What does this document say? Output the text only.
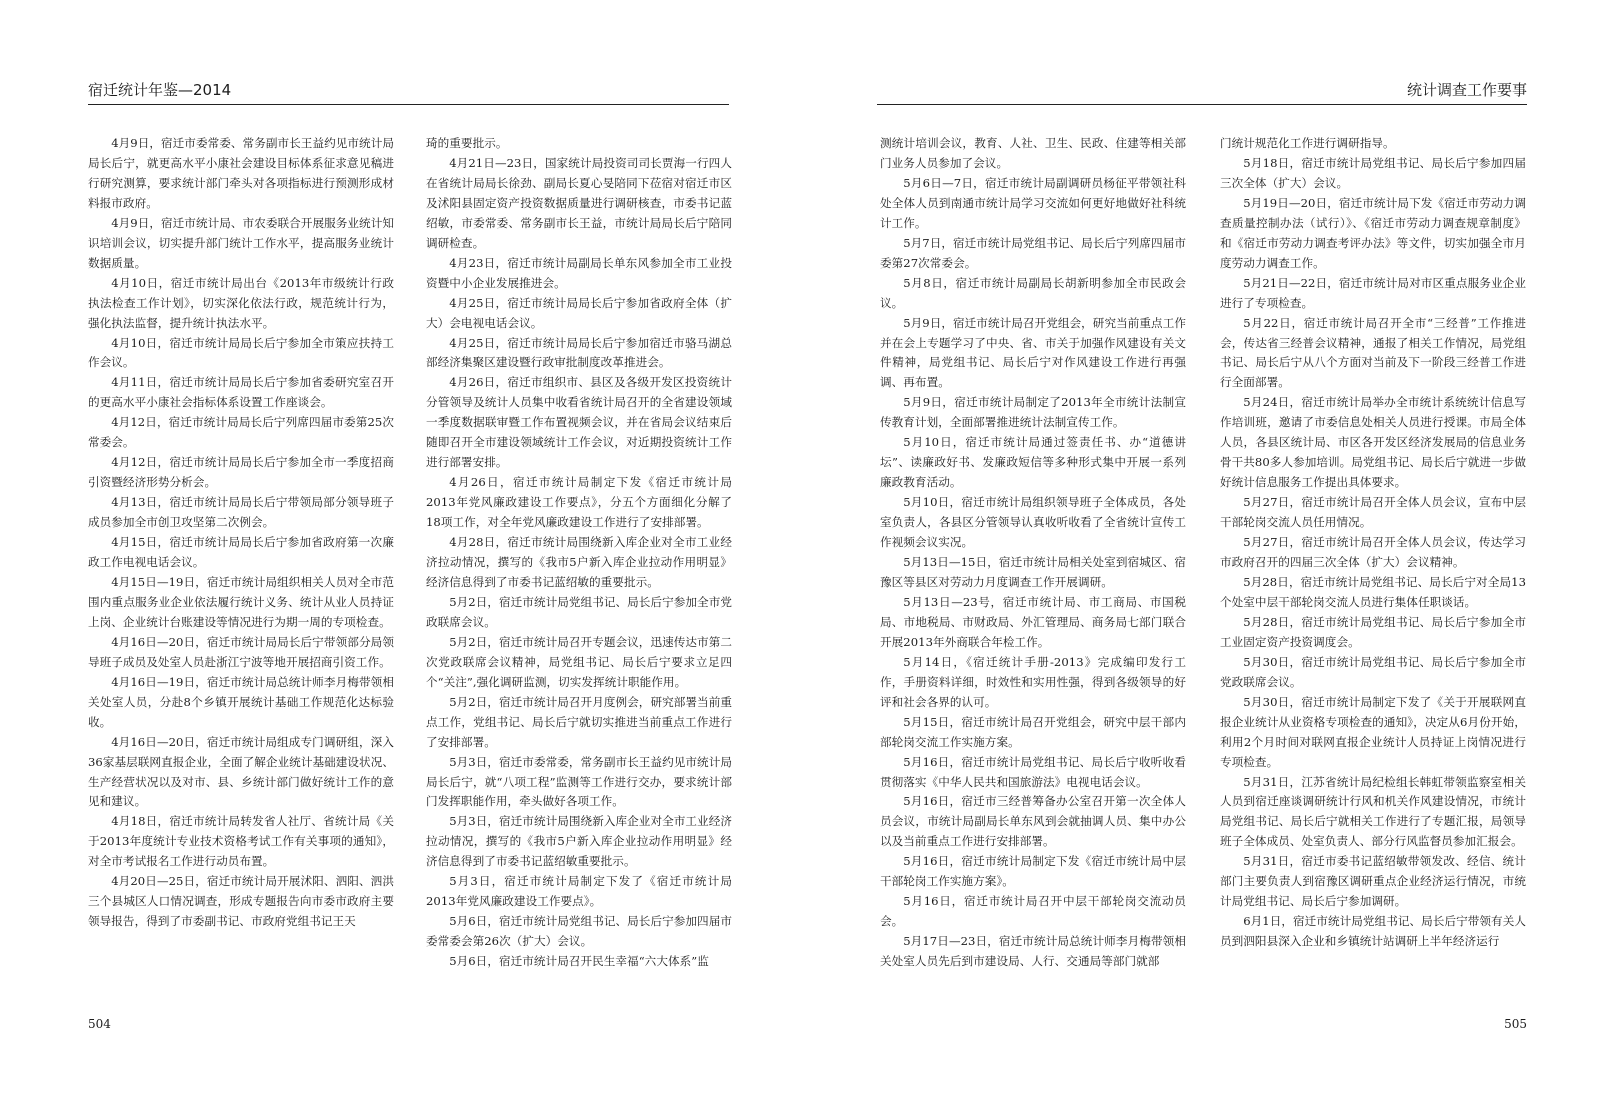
宿迁统计年鉴—2014

4月9日，宿迁市委常委、常务副市长王益约见市统计局局长后宁，就更高水平小康社会建设目标体系征求意见稿进行研究测算，要求统计部门牵头对各项指标进行预测形成材料报市政府。

4月9日，宿迁市统计局、市农委联合开展服务业统计知识培训会议，切实提升部门统计工作水平，提高服务业统计数据质量。

4月10日，宿迁市统计局出台《2013年市级统计行政执法检查工作计划》，切实深化依法行政，规范统计行为，强化执法监督，提升统计执法水平。

4月10日，宿迁市统计局局长后宁参加全市策应扶持工作会议。

4月11日，宿迁市统计局局长后宁参加省委研究室召开的更高水平小康社会指标体系设置工作座谈会。

4月12日，宿迁市统计局局长后宁列席四届市委第25次常委会。

4月12日，宿迁市统计局局长后宁参加全市一季度招商引资暨经济形势分析会。

4月13日，宿迁市统计局局长后宁带领局部分领导班子成员参加全市创卫攻坚第二次例会。

4月15日，宿迁市统计局局长后宁参加省政府第一次廉政工作电视电话会议。

4月15日—19日，宿迁市统计局组织相关人员对全市范围内重点服务业企业依法履行统计义务、统计从业人员持证上岗、企业统计台账建设等情况进行为期一周的专项检查。

4月16日—20日，宿迁市统计局局长后宁带领部分局领导班子成员及处室人员赴浙江宁波等地开展招商引资工作。

4月16日—19日，宿迁市统计局总统计师李月梅带领相关处室人员，分赴8个乡镇开展统计基础工作规范化达标验收。

4月16日—20日，宿迁市统计局组成专门调研组，深入36家基层联网直报企业，全面了解企业统计基础建设状况、生产经营状况以及对市、县、乡统计部门做好统计工作的意见和建议。

4月18日，宿迁市统计局转发省人社厅、省统计局《关于2013年度统计专业技术资格考试工作有关事项的通知》，对全市考试报名工作进行动员布置。

4月20日—25日，宿迁市统计局开展沭阳、泗阳、泗洪三个县城区人口情况调查，形成专题报告向市委市政府主要领导报告，得到了市委副书记、市政府党组书记王天

琦的重要批示。

4月21日—23日，国家统计局投资司司长贾海一行四人在省统计局局长徐劲、副局长夏心旻陪同下莅宿对宿迁市区及沭阳县固定资产投资数据质量进行调研核查，市委书记蓝绍敏，市委常委、常务副市长王益，市统计局局长后宁陪同调研检查。

4月23日，宿迁市统计局副局长单东风参加全市工业投资暨中小企业发展推进会。

4月25日，宿迁市统计局局长后宁参加省政府全体（扩大）会电视电话会议。

4月25日，宿迁市统计局局长后宁参加宿迁市骆马湖总部经济集聚区建设暨行政审批制度改革推进会。

4月26日，宿迁市组织市、县区及各级开发区投资统计分管领导及统计人员集中收看省统计局召开的全省建设领域一季度数据联审暨工作布置视频会议，并在省局会议结束后随即召开全市建设领域统计工作会议，对近期投资统计工作进行部署安排。

4月26日，宿迁市统计局制定下发《宿迁市统计局2013年党风廉政建设工作要点》，分五个方面细化分解了18项工作，对全年党风廉政建设工作进行了安排部署。

4月28日，宿迁市统计局围绕新入库企业对全市工业经济拉动情况，撰写的《我市5户新入库企业拉动作用明显》经济信息得到了市委书记蓝绍敏的重要批示。

5月2日，宿迁市统计局党组书记、局长后宁参加全市党政联席会议。

5月2日，宿迁市统计局召开专题会议，迅速传达市第二次党政联席会议精神，局党组书记、局长后宁要求立足四个“关注”,强化调研监测，切实发挥统计职能作用。

5月2日，宿迁市统计局召开月度例会，研究部署当前重点工作，党组书记、局长后宁就切实推进当前重点工作进行了安排部署。

5月3日，宿迁市委常委，常务副市长王益约见市统计局局长后宁，就“八项工程”监测等工作进行交办，要求统计部门发挥职能作用，牵头做好各项工作。

5月3日，宿迁市统计局围绕新入库企业对全市工业经济拉动情况，撰写的《我市5户新入库企业拉动作用明显》经济信息得到了市委书记蓝绍敏重要批示。

5月3日，宿迁市统计局制定下发了《宿迁市统计局2013年党风廉政建设工作要点》。

5月6日，宿迁市统计局党组书记、局长后宁参加四届市委常委会第26次（扩大）会议。

5月6日，宿迁市统计局召开民生幸福“六大体系”监

504
统计调查工作要事

测统计培训会议，教育、人社、卫生、民政、住建等相关部门业务人员参加了会议。

5月6日—7日，宿迁市统计局副调研员杨征平带领社科处全体人员到南通市统计局学习交流如何更好地做好社科统计工作。

5月7日，宿迁市统计局党组书记、局长后宁列席四届市委第27次常委会。

5月8日，宿迁市统计局副局长胡新明参加全市民政会议。

5月9日，宿迁市统计局召开党组会，研究当前重点工作并在会上专题学习了中央、省、市关于加强作风建设有关文件精神，局党组书记、局长后宁对作风建设工作进行再强调、再布置。

5月9日，宿迁市统计局制定了2013年全市统计法制宣传教育计划，全面部署推进统计法制宣传工作。

5月10日，宿迁市统计局通过签责任书、办“道德讲坛”、读廉政好书、发廉政短信等多种形式集中开展一系列廉政教育活动。

5月10日，宿迁市统计局组织领导班子全体成员，各处室负责人，各县区分管领导认真收听收看了全省统计宣传工作视频会议实况。

5月13日—15日，宿迁市统计局相关处室到宿城区、宿豫区等县区对劳动力月度调查工作开展调研。

5月13日—23号，宿迁市统计局、市工商局、市国税局、市地税局、市财政局、外汇管理局、商务局七部门联合开展2013年外商联合年检工作。

5月14日，《宿迁统计手册-2013》完成编印发行工作，手册资料详细，时效性和实用性强，得到各级领导的好评和社会各界的认可。

5月15日，宿迁市统计局召开党组会，研究中层干部内部轮岗交流工作实施方案。

5月16日，宿迁市统计局党组书记、局长后宁收听收看贯彻落实《中华人民共和国旅游法》电视电话会议。

5月16日，宿迁市三经普筹备办公室召开第一次全体人员会议，市统计局副局长单东风到会就抽调人员、集中办公以及当前重点工作进行安排部署。

5月16日，宿迁市统计局制定下发《宿迁市统计局中层干部轮岗工作实施方案》。

5月16日，宿迁市统计局召开中层干部轮岗交流动员会。

5月17日—23日，宿迁市统计局总统计师李月梅带领相关处室人员先后到市建设局、人行、交通局等部门就部

门统计规范化工作进行调研指导。

5月18日，宿迁市统计局党组书记、局长后宁参加四届三次全体（扩大）会议。

5月19日—20日，宿迁市统计局下发《宿迁市劳动力调查质量控制办法（试行）》、《宿迁市劳动力调查规章制度》和《宿迁市劳动力调查考评办法》等文件，切实加强全市月度劳动力调查工作。

5月21日—22日，宿迁市统计局对市区重点服务业企业进行了专项检查。

5月22日，宿迁市统计局召开全市“三经普”工作推进会，传达省三经普会议精神，通报了相关工作情况，局党组书记、局长后宁从八个方面对当前及下一阶段三经普工作进行全面部署。

5月24日，宿迁市统计局举办全市统计系统统计信息写作培训班，邀请了市委信息处相关人员进行授课。市局全体人员，各县区统计局、市区各开发区经济发展局的信息业务骨干共80多人参加培训。局党组书记、局长后宁就进一步做好统计信息服务工作提出具体要求。

5月27日，宿迁市统计局召开全体人员会议，宣布中层干部轮岗交流人员任用情况。

5月27日，宿迁市统计局召开全体人员会议，传达学习市政府召开的四届三次全体（扩大）会议精神。

5月28日，宿迁市统计局党组书记、局长后宁对全局13个处室中层干部轮岗交流人员进行集体任职谈话。

5月28日，宿迁市统计局党组书记、局长后宁参加全市工业固定资产投资调度会。

5月30日，宿迁市统计局党组书记、局长后宁参加全市党政联席会议。

5月30日，宿迁市统计局制定下发了《关于开展联网直报企业统计从业资格专项检查的通知》，决定从6月份开始，利用2个月时间对联网直报企业统计人员持证上岗情况进行专项检查。

5月31日，江苏省统计局纪检组长韩虹带领监察室相关人员到宿迁座谈调研统计行风和机关作风建设情况，市统计局党组书记、局长后宁就相关工作进行了专题汇报，局领导班子全体成员、处室负责人、部分行风监督员参加汇报会。

5月31日，宿迁市委书记蓝绍敏带领发改、经信、统计部门主要负责人到宿豫区调研重点企业经济运行情况，市统计局党组书记、局长后宁参加调研。

6月1日，宿迁市统计局党组书记、局长后宁带领有关人员到泗阳县深入企业和乡镇统计站调研上半年经济运行

505
